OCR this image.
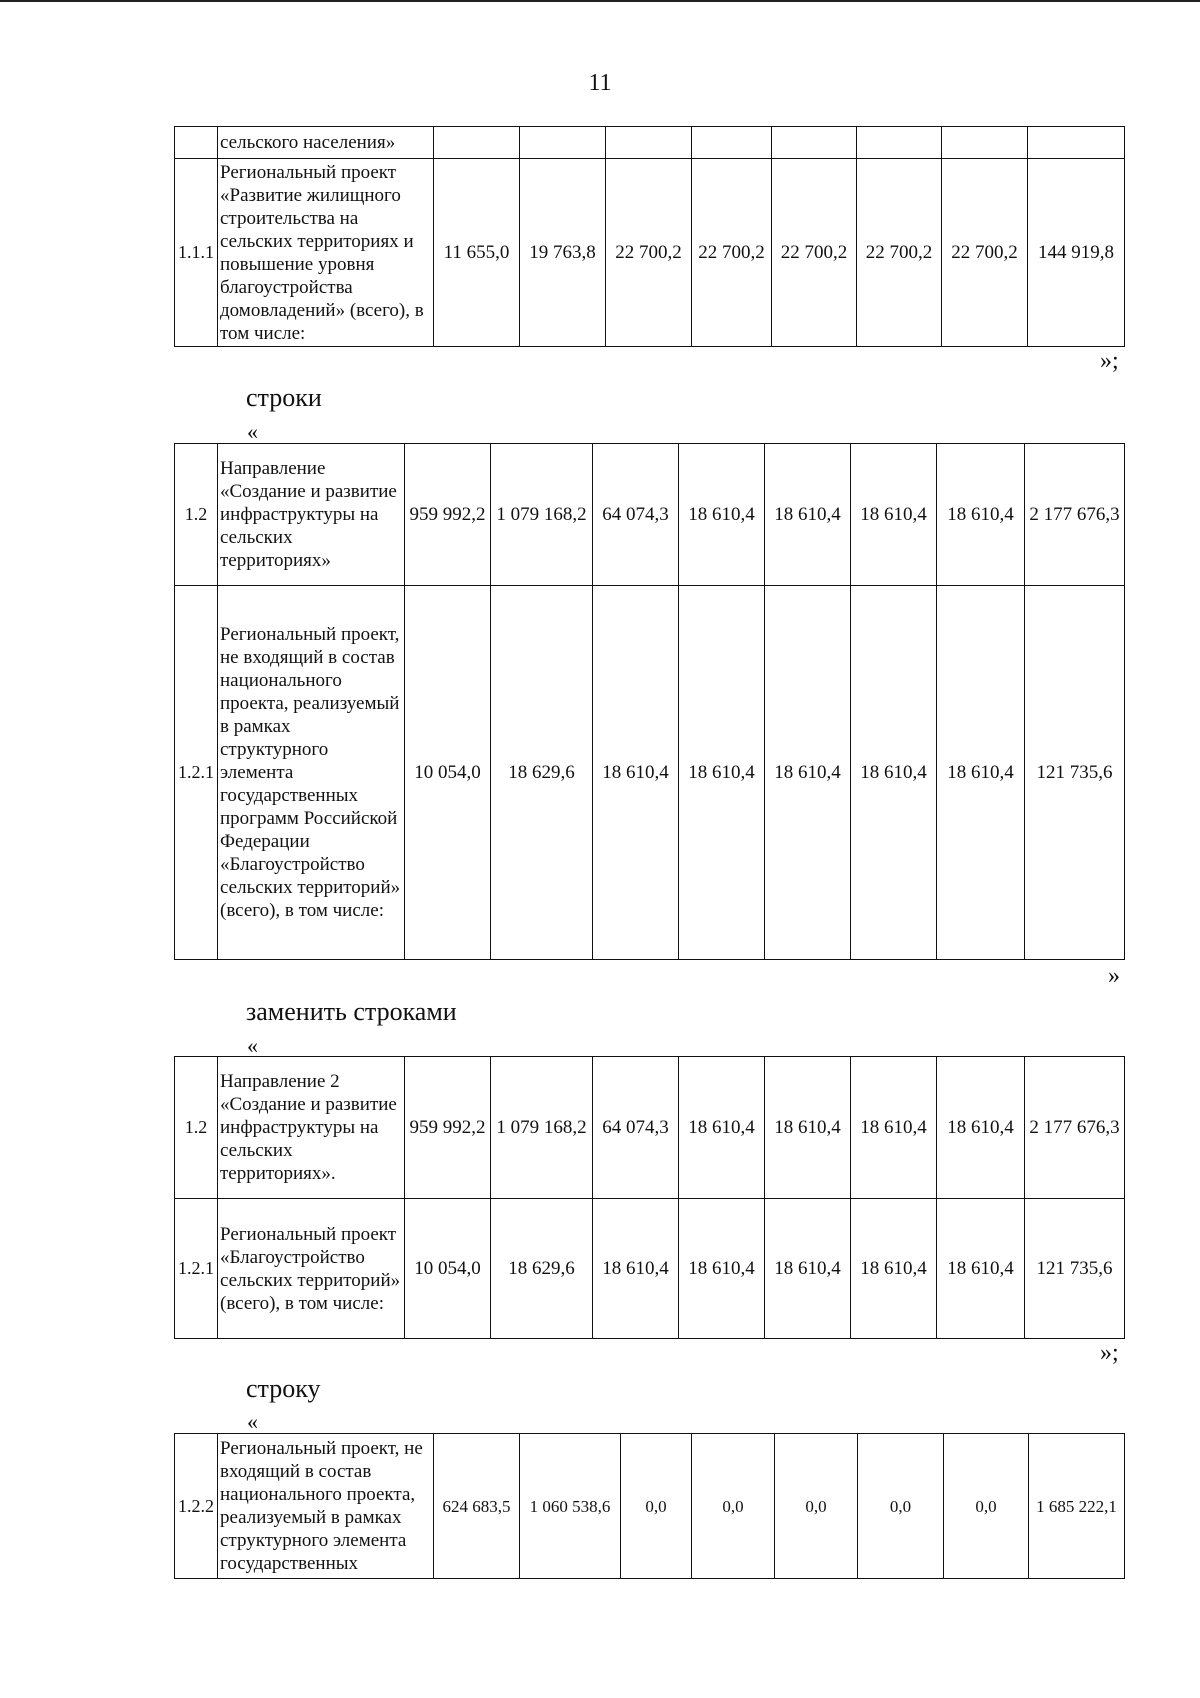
11
	сельского населения»								
1.1.1	Региональный проект «Развитие жилищного строительства на сельских территориях и повышение уровня благоустройства домовладений» (всего), в том числе:	11 655,0	19 763,8	22 700,2	22 700,2	22 700,2	22 700,2	22 700,2	144 919,8
»;
строки
«
1.2	Направление «Создание и развитие инфраструктуры на сельских территориях»	959 992,2	1 079 168,2	64 074,3	18 610,4	18 610,4	18 610,4	18 610,4	2 177 676,3
1.2.1	Региональный проект, не входящий в состав национального проекта, реализуемый в рамках структурного элемента государственных программ Российской Федерации «Благоустройство сельских территорий» (всего), в том числе:	10 054,0	18 629,6	18 610,4	18 610,4	18 610,4	18 610,4	18 610,4	121 735,6
»
заменить строками
«
1.2	Направление 2 «Создание и развитие инфраструктуры на сельских территориях».	959 992,2	1 079 168,2	64 074,3	18 610,4	18 610,4	18 610,4	18 610,4	2 177 676,3
1.2.1	Региональный проект «Благоустройство сельских территорий» (всего), в том числе:	10 054,0	18 629,6	18 610,4	18 610,4	18 610,4	18 610,4	18 610,4	121 735,6
»;
строку
«
1.2.2	Региональный проект, не входящий в состав национального проекта, реализуемый в рамках структурного элемента государственных	624 683,5	1 060 538,6	0,0	0,0	0,0	0,0	0,0	1 685 222,1
